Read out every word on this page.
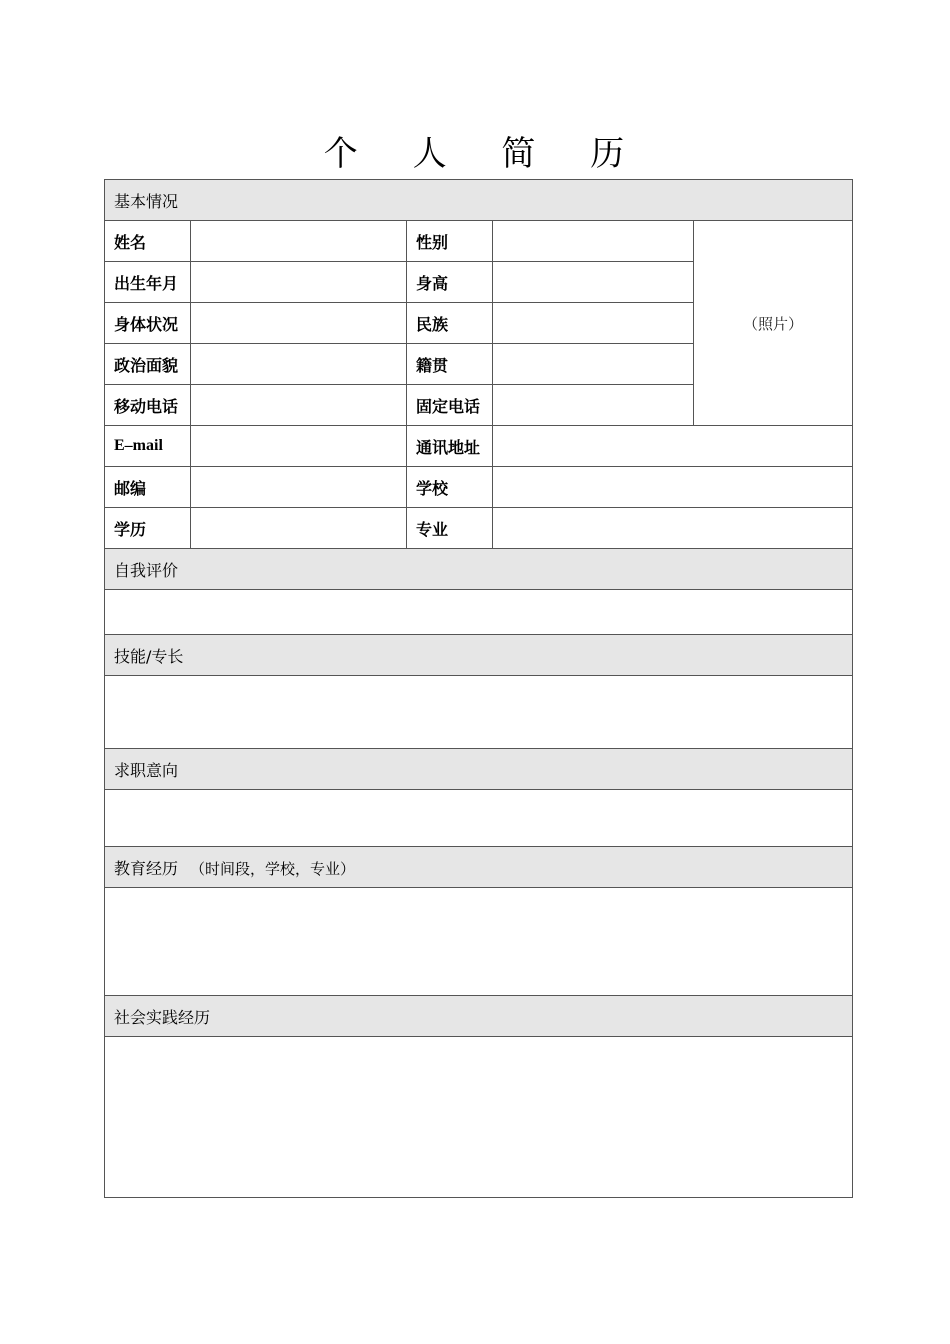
个 人 简 历
基本情况				
姓名		性别		（照片）
出生年月		身高		
身体状况		民族		
政治面貌		籍贯		
移动电话		固定电话		
E–mail		通讯地址		
邮编		学校		
学历		专业		
自我评价				

技能/专长				

求职意向				

教育经历 （时间段，学校，专业）				

社会实践经历				
